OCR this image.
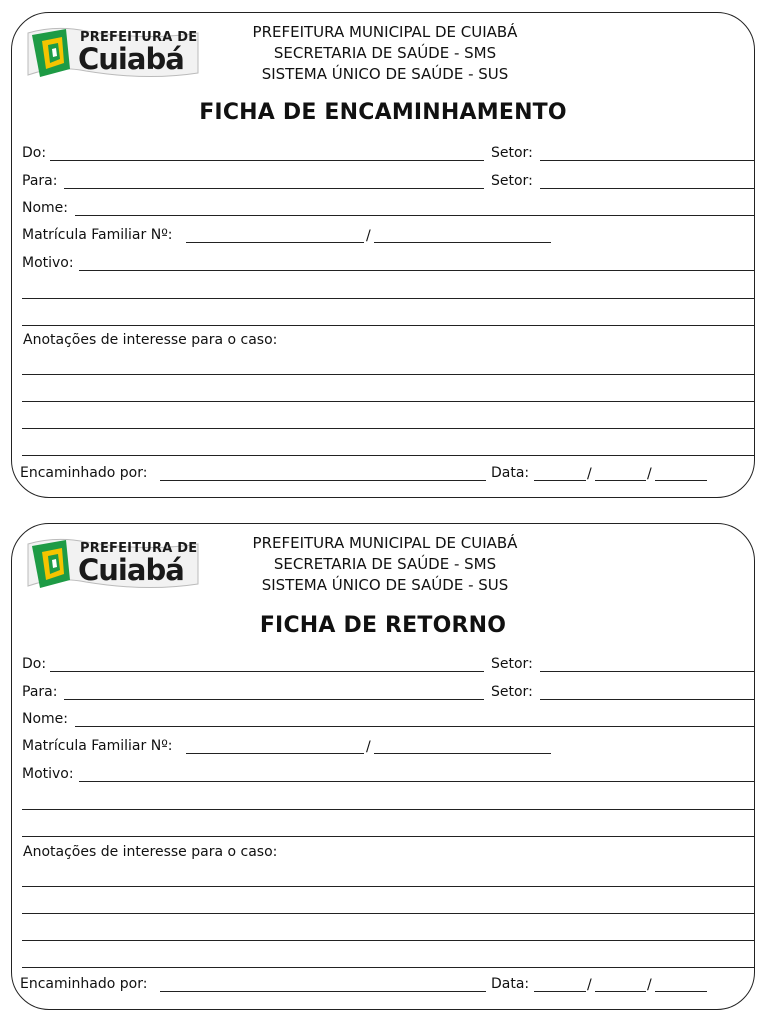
PREFEITURA DE
Cuiabá
PREFEITURA MUNICIPAL DE CUIABÁ
SECRETARIA DE SAÚDE - SMS
SISTEMA ÚNICO DE SAÚDE - SUS
FICHA DE ENCAMINHAMENTO
Do:	Setor:
Para:	Setor:
Nome:
Matrícula Familiar Nº:	/
Motivo:
Anotações de interesse para o caso:
Encaminhado por:	Data:	/	/
PREFEITURA DE
Cuiabá
PREFEITURA MUNICIPAL DE CUIABÁ
SECRETARIA DE SAÚDE - SMS
SISTEMA ÚNICO DE SAÚDE - SUS
FICHA DE RETORNO
Do:	Setor:
Para:	Setor:
Nome:
Matrícula Familiar Nº:	/
Motivo:
Anotações de interesse para o caso:
Encaminhado por:	Data:	/	/
